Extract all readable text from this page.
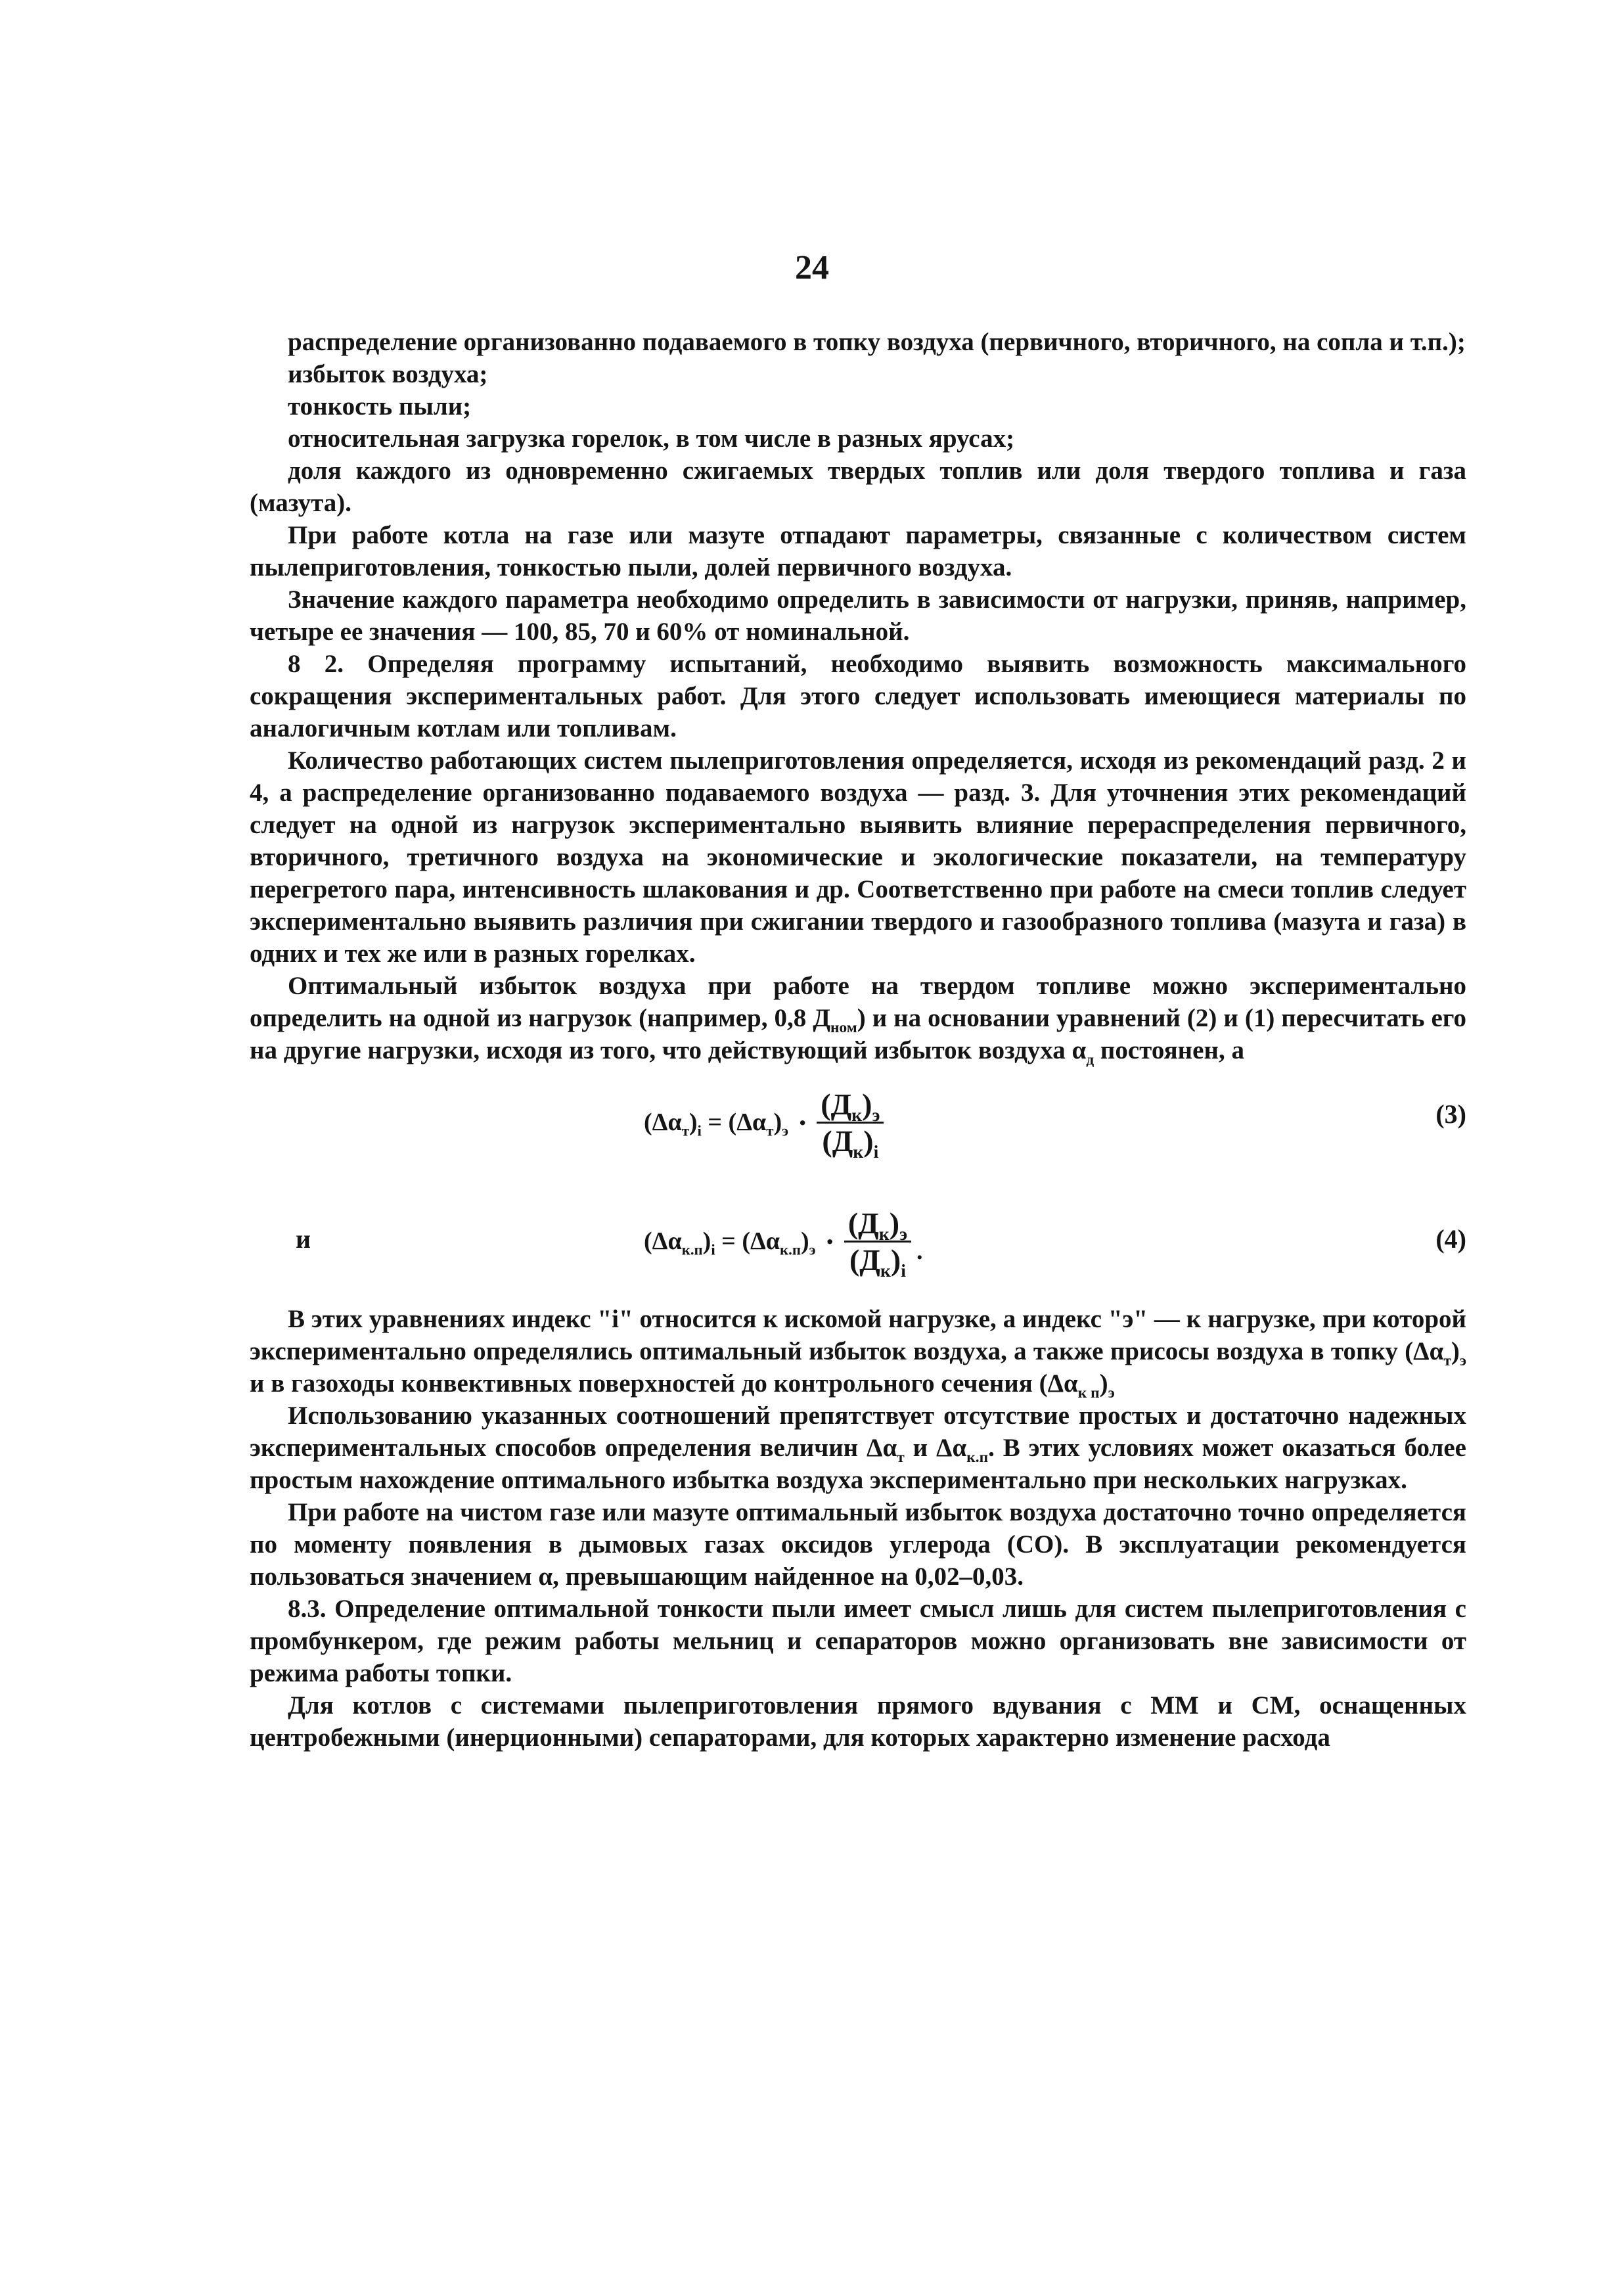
24

распределение организованно подаваемого в топку воздуха (первичного, вторичного, на сопла и т.п.);

избыток воздуха;

тонкость пыли;

относительная загрузка горелок, в том числе в разных ярусах;

доля каждого из одновременно сжигаемых твердых топлив или доля твердого топлива и газа (мазута).

При работе котла на газе или мазуте отпадают параметры, связанные с количеством систем пылеприготовления, тонкостью пыли, долей первичного воздуха.

Значение каждого параметра необходимо определить в зависимости от нагрузки, приняв, например, четыре ее значения — 100, 85, 70 и 60% от номинальной.

8 2. Определяя программу испытаний, необходимо выявить возможность максимального сокращения экспериментальных работ. Для этого следует использовать имеющиеся материалы по аналогичным котлам или топливам.

Количество работающих систем пылеприготовления определяется, исходя из рекомендаций разд. 2 и 4, а распределение организованно подаваемого воздуха — разд. 3. Для уточнения этих рекомендаций следует на одной из нагрузок экспериментально выявить влияние перераспределения первичного, вторичного, третичного воздуха на экономические и экологические показатели, на температуру перегретого пара, интенсивность шлакования и др. Соответственно при работе на смеси топлив следует экспериментально выявить различия при сжигании твердого и газообразного топлива (мазута и газа) в одних и тех же или в разных горелках.

Оптимальный избыток воздуха при работе на твердом топливе можно экспериментально определить на одной из нагрузок (например, 0,8 $Д_{ном}$) и на основании уравнений (2) и (1) пересчитать его на другие нагрузки, исходя из того, что действующий избыток воздуха $\alpha_д$ постоянен, а

$(\Delta\alpha_т)_i = (\Delta\alpha_т)_э \cdot \frac{(Д_к)_э}{(Д_к)_i}$	(3)
и	$(\Delta\alpha_{к.п})_i = (\Delta\alpha_{к.п})_э \cdot \frac{(Д_к)_э}{(Д_к)_i}$ .	(4)

В этих уравнениях индекс "i" относится к искомой нагрузке, а индекс "э" — к нагрузке, при которой экспериментально определялись оптимальный избыток воздуха, а также присосы воздуха в топку $(\Delta\alpha_т)_э$ и в газоходы конвективных поверхностей до контрольного сечения $(\Delta\alpha_{к п})_э$

Использованию указанных соотношений препятствует отсутствие простых и достаточно надежных экспериментальных способов определения величин $\Delta\alpha_т$ и $\Delta\alpha_{к.п}$. В этих условиях может оказаться более простым нахождение оптимального избытка воздуха экспериментально при нескольких нагрузках.

При работе на чистом газе или мазуте оптимальный избыток воздуха достаточно точно определяется по моменту появления в дымовых газах оксидов углерода (СО). В эксплуатации рекомендуется пользоваться значением α, превышающим найденное на 0,02–0,03.

8.3. Определение оптимальной тонкости пыли имеет смысл лишь для систем пылеприготовления с промбункером, где режим работы мельниц и сепараторов можно организовать вне зависимости от режима работы топки.

Для котлов с системами пылеприготовления прямого вдувания с ММ и СМ, оснащенных центробежными (инерционными) сепараторами, для которых характерно изменение расхода
